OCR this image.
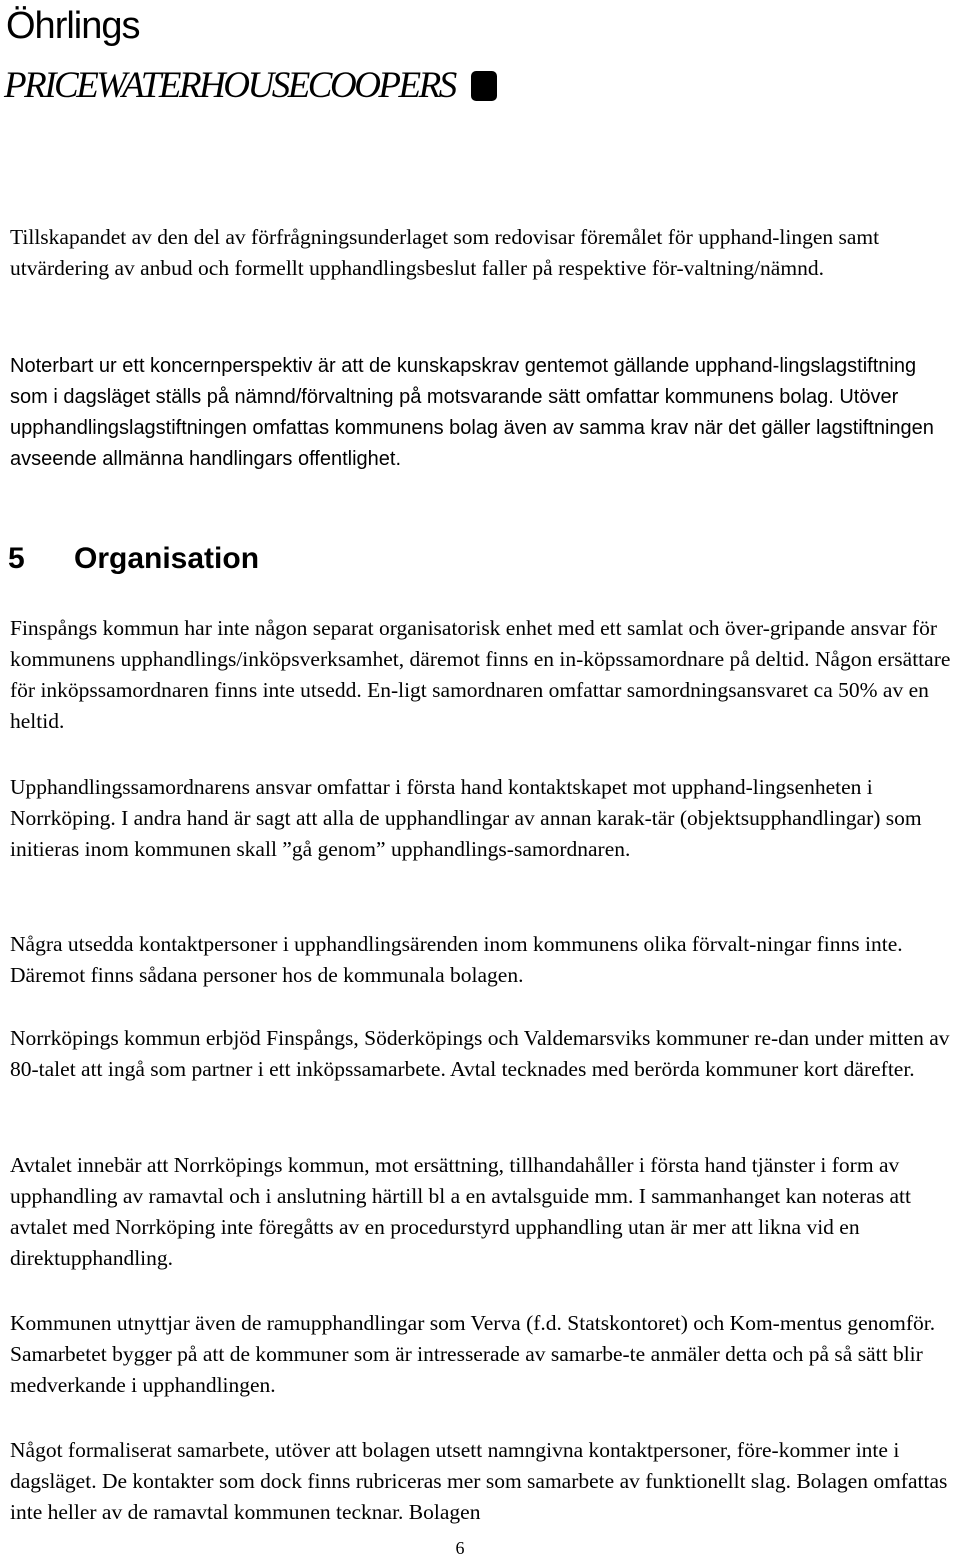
Öhrlings

PRICEWATERHOUSECOOPERS

Tillskapandet av den del av förfrågningsunderlaget som redovisar föremålet för upphand-lingen samt utvärdering av anbud och formellt upphandlingsbeslut faller på respektive för-valtning/nämnd.

Noterbart ur ett koncernperspektiv är att de kunskapskrav gentemot gällande upphand-lingslagstiftning som i dagsläget ställs på nämnd/förvaltning på motsvarande sätt omfattar kommunens bolag. Utöver upphandlingslagstiftningen omfattas kommunens bolag även av samma krav när det gäller lagstiftningen avseende allmänna handlingars offentlighet.

5 Organisation

Finspångs kommun har inte någon separat organisatorisk enhet med ett samlat och över-gripande ansvar för kommunens upphandlings/inköpsverksamhet, däremot finns en in-köpssamordnare på deltid. Någon ersättare för inköpssamordnaren finns inte utsedd. En-ligt samordnaren omfattar samordningsansvaret ca 50% av en heltid.

Upphandlingssamordnarens ansvar omfattar i första hand kontaktskapet mot upphand-lingsenheten i Norrköping. I andra hand är sagt att alla de upphandlingar av annan karak-tär (objektsupphandlingar) som initieras inom kommunen skall ”gå genom” upphandlings-samordnaren.

Några utsedda kontaktpersoner i upphandlingsärenden inom kommunens olika förvalt-ningar finns inte. Däremot finns sådana personer hos de kommunala bolagen.

Norrköpings kommun erbjöd Finspångs, Söderköpings och Valdemarsviks kommuner re-dan under mitten av 80-talet att ingå som partner i ett inköpssamarbete. Avtal tecknades med berörda kommuner kort därefter.

Avtalet innebär att Norrköpings kommun, mot ersättning, tillhandahåller i första hand tjänster i form av upphandling av ramavtal och i anslutning härtill bl a en avtalsguide mm. I sammanhanget kan noteras att avtalet med Norrköping inte föregåtts av en procedurstyrd upphandling utan är mer att likna vid en direktupphandling.

Kommunen utnyttjar även de ramupphandlingar som Verva (f.d. Statskontoret) och Kom-mentus genomför. Samarbetet bygger på att de kommuner som är intresserade av samarbe-te anmäler detta och på så sätt blir medverkande i upphandlingen.

Något formaliserat samarbete, utöver att bolagen utsett namngivna kontaktpersoner, före-kommer inte i dagsläget. De kontakter som dock finns rubriceras mer som samarbete av funktionellt slag. Bolagen omfattas inte heller av de ramavtal kommunen tecknar. Bolagen

6
